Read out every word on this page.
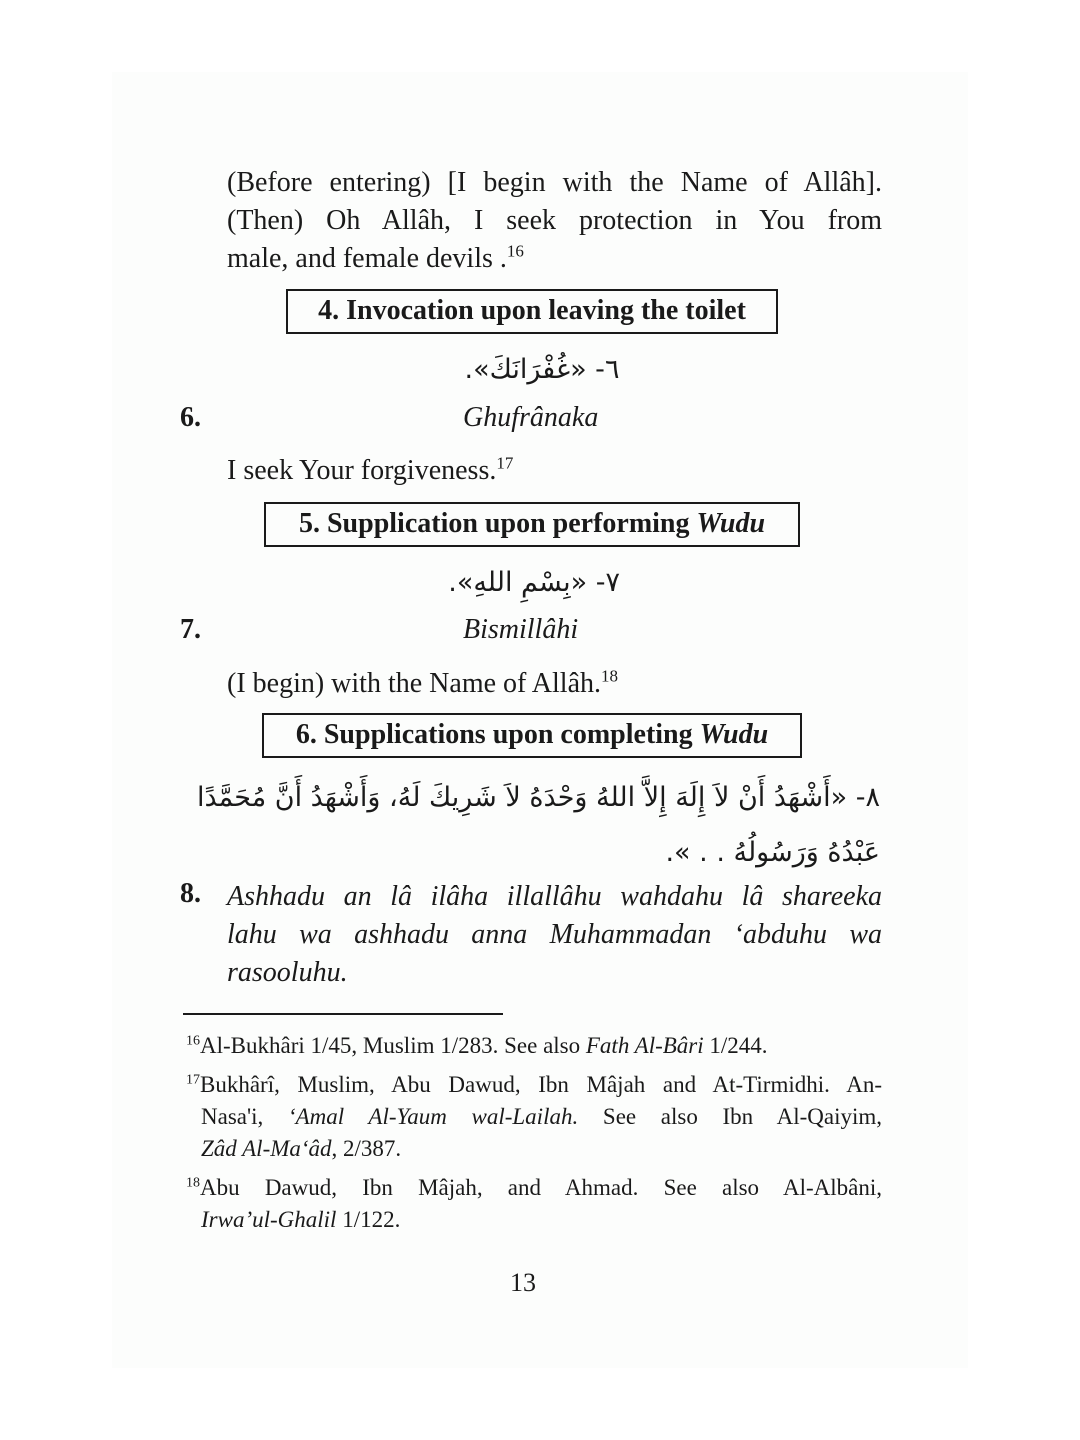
(Before entering) [I begin with the Name of Allâh].

(Then) Oh Allâh, I seek protection in You from

male, and female devils .$^{16}$

4. Invocation upon leaving the toilet
٦- «غُفْرَانَكَ».
6.	Ghufrânaka

I seek Your forgiveness.$^{17}$

5. Supplication upon performing Wudu
٧- «بِسْمِ اللهِ».
7.	Bismillâhi

(I begin) with the Name of Allâh.$^{18}$

6. Supplications upon completing Wudu
٨- «أَشْهَدُ أَنْ لاَ إِلَهَ إِلاَّ اللهُ وَحْدَهُ لاَ شَرِيكَ لَهُ، وَأَشْهَدُ أَنَّ مُحَمَّدًا
عَبْدُهُ وَرَسُولُهُ . . ».
8. Ashhadu an lâ ilâha illallâhu wahdahu lâ shareeka

lahu wa ashhadu anna Muhammadan ‘abduhu wa

rasooluhu.

$^{16}$Al-Bukhâri 1/45, Muslim 1/283. See also Fath Al-Bâri 1/244.

$^{17}$Bukhârî, Muslim, Abu Dawud, Ibn Mâjah and At-Tirmidhi. An-

Nasa'i, ‘Amal Al-Yaum wal-Lailah. See also Ibn Al-Qaiyim,

Zâd Al-Ma‘âd, 2/387.

$^{18}$Abu Dawud, Ibn Mâjah, and Ahmad. See also Al-Albâni,

Irwa’ul-Ghalil 1/122.

13
